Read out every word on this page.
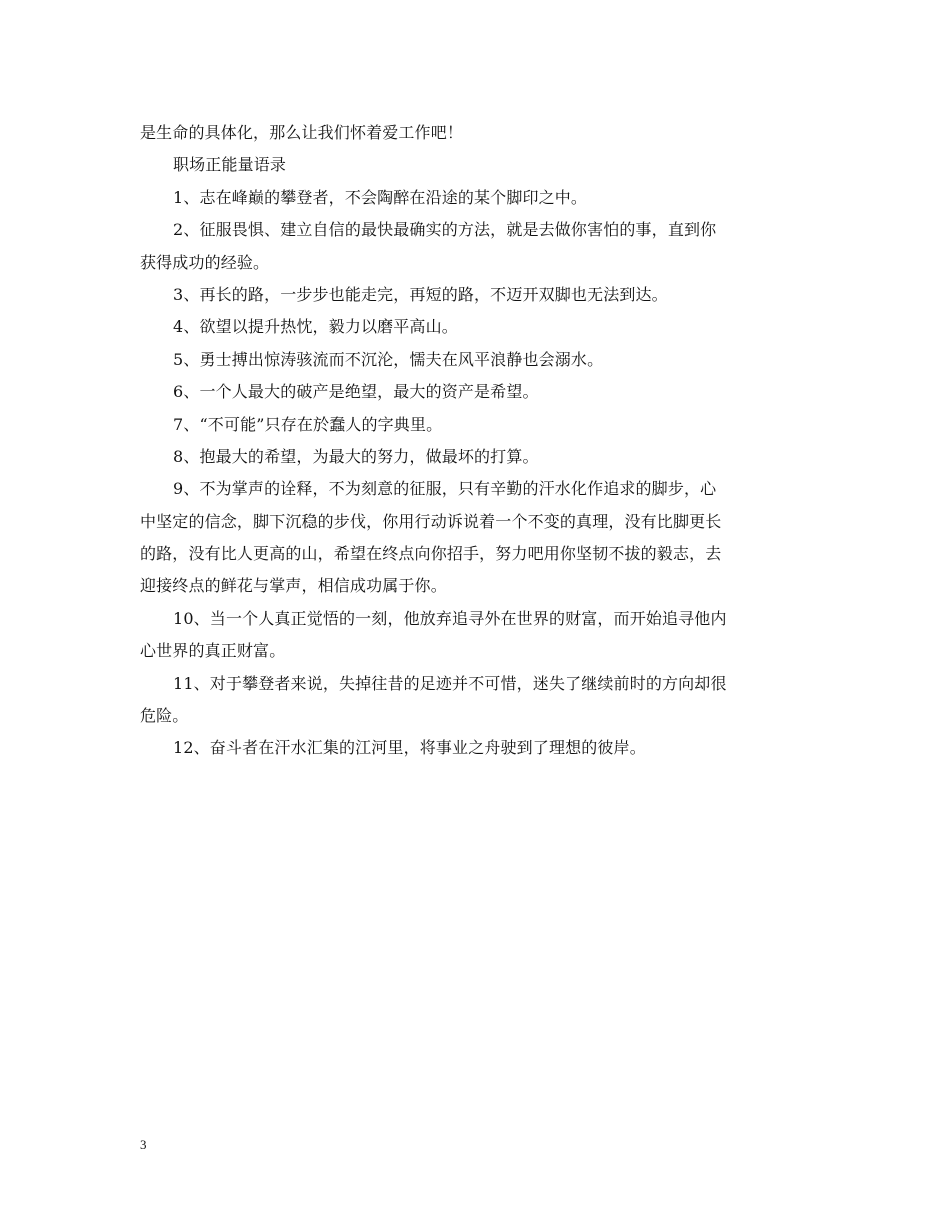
是生命的具体化，那么让我们怀着爱工作吧！

职场正能量语录

1、志在峰巅的攀登者，不会陶醉在沿途的某个脚印之中。

2、征服畏惧、建立自信的最快最确实的方法，就是去做你害怕的事，直到你

获得成功的经验。

3、再长的路，一步步也能走完，再短的路，不迈开双脚也无法到达。

4、欲望以提升热忱，毅力以磨平高山。

5、勇士搏出惊涛骇流而不沉沦，懦夫在风平浪静也会溺水。

6、一个人最大的破产是绝望，最大的资产是希望。

7、“不可能”只存在於蠢人的字典里。

8、抱最大的希望，为最大的努力，做最坏的打算。

9、不为掌声的诠释，不为刻意的征服，只有辛勤的汗水化作追求的脚步，心

中坚定的信念，脚下沉稳的步伐，你用行动诉说着一个不变的真理，没有比脚更长

的路，没有比人更高的山，希望在终点向你招手，努力吧用你坚韧不拔的毅志，去

迎接终点的鲜花与掌声，相信成功属于你。

10、当一个人真正觉悟的一刻，他放弃追寻外在世界的财富，而开始追寻他内

心世界的真正财富。

11、对于攀登者来说，失掉往昔的足迹并不可惜，迷失了继续前时的方向却很

危险。

12、奋斗者在汗水汇集的江河里，将事业之舟驶到了理想的彼岸。

3
